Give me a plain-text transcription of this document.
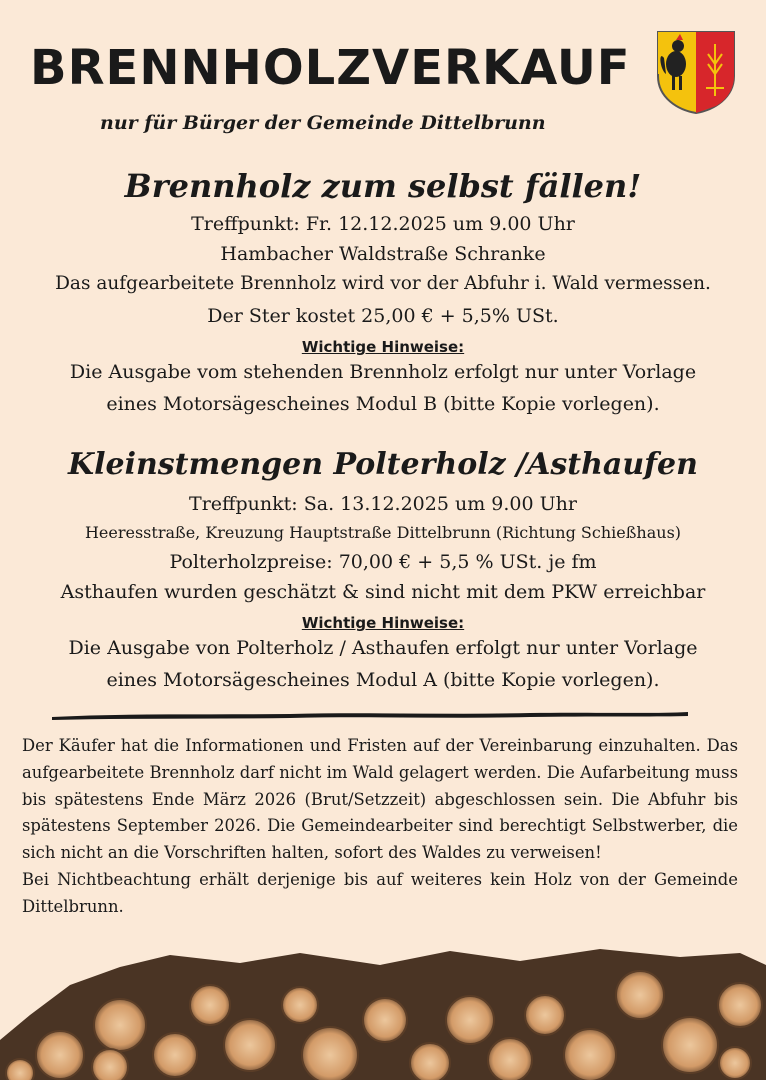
BRENNHOLZVERKAUF
nur für Bürger der Gemeinde Dittelbrunn
Brennholz zum selbst fällen!
Treffpunkt: Fr. 12.12.2025 um 9.00 Uhr
Hambacher Waldstraße Schranke
Das aufgearbeitete Brennholz wird vor der Abfuhr i. Wald vermessen.
Der Ster kostet 25,00 € + 5,5% USt.
Wichtige Hinweise:
Die Ausgabe vom stehenden Brennholz erfolgt nur unter Vorlage
eines Motorsägescheines Modul B (bitte Kopie vorlegen).
Kleinstmengen Polterholz /Asthaufen
Treffpunkt: Sa. 13.12.2025 um 9.00 Uhr
Heeresstraße, Kreuzung Hauptstraße Dittelbrunn (Richtung Schießhaus)
Polterholzpreise: 70,00 € + 5,5 % USt. je fm
Asthaufen wurden geschätzt & sind nicht mit dem PKW erreichbar
Wichtige Hinweise:
Die Ausgabe von Polterholz / Asthaufen erfolgt nur unter Vorlage
eines Motorsägescheines Modul A (bitte Kopie vorlegen).

Der Käufer hat die Informationen und Fristen auf der Vereinbarung einzuhalten. Das aufgearbeitete Brennholz darf nicht im Wald gelagert werden. Die Aufarbeitung muss bis spätestens Ende März 2026 (Brut/Setzzeit) abgeschlossen sein. Die Abfuhr bis spätestens September 2026. Die Gemeindearbeiter sind berechtigt Selbstwerber, die sich nicht an die Vorschriften halten, sofort des Waldes zu verweisen!

Bei Nichtbeachtung erhält derjenige bis auf weiteres kein Holz von der Gemeinde Dittelbrunn.
